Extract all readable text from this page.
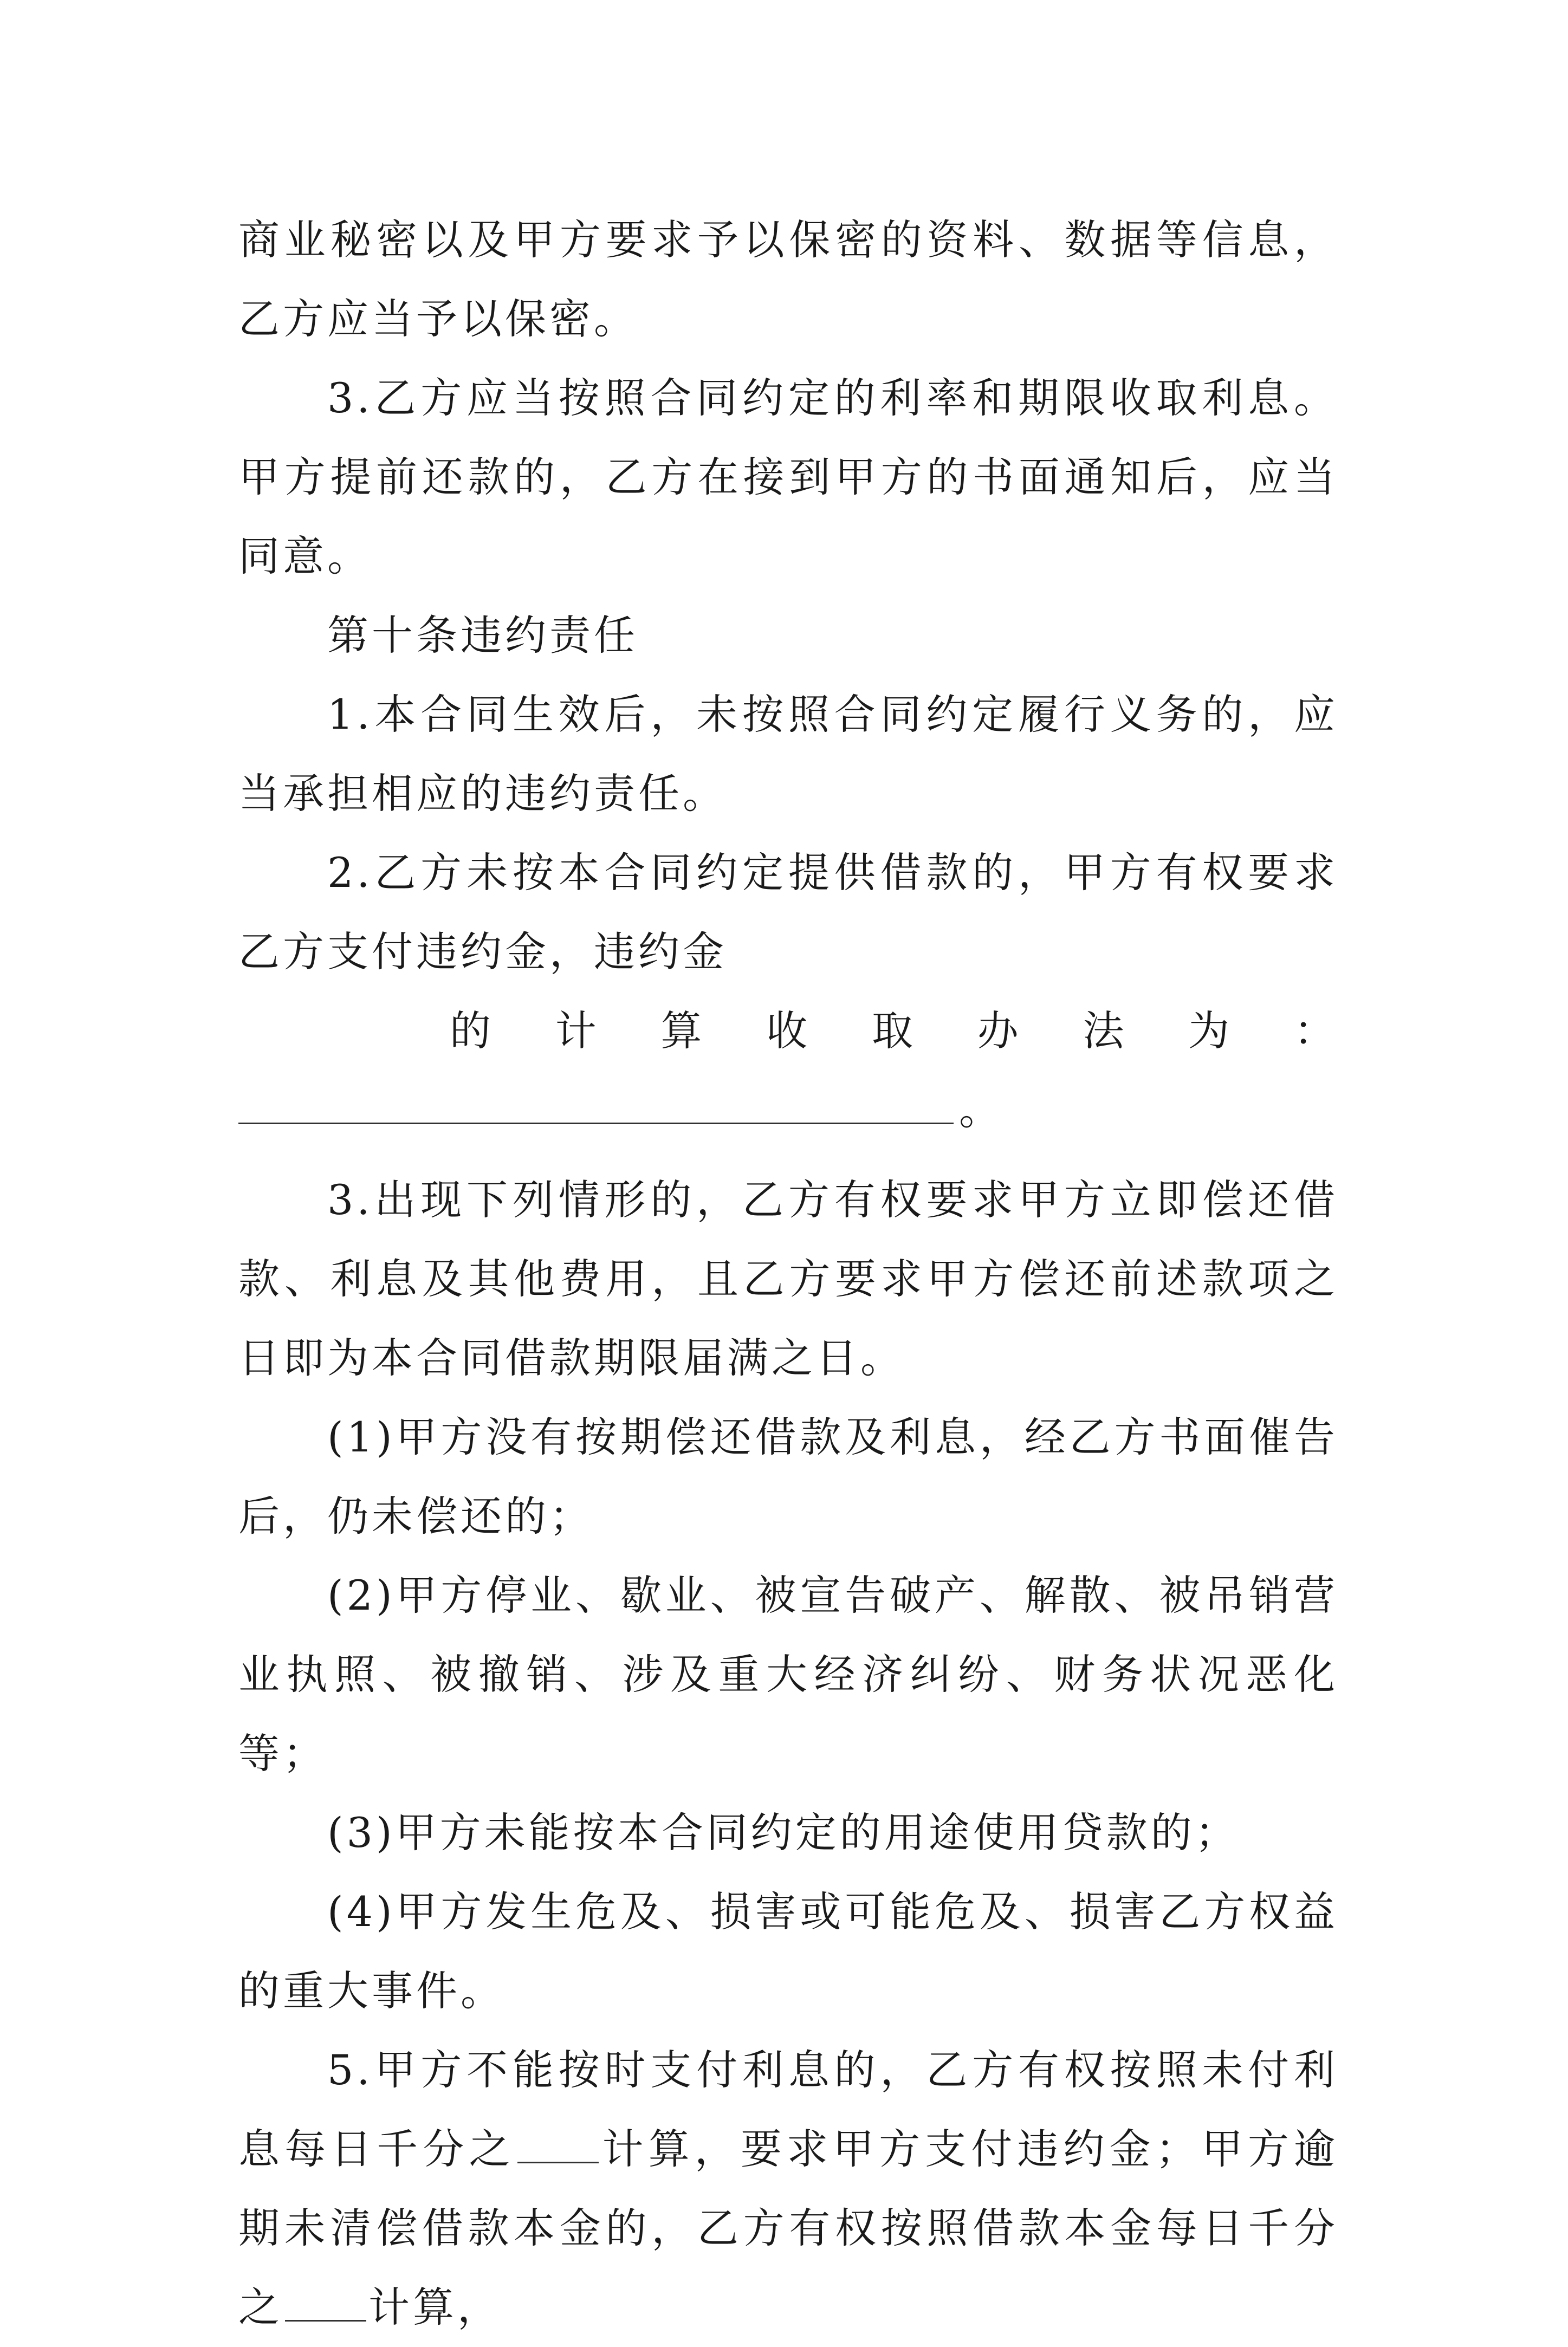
商业秘密以及甲方要求予以保密的资料、数据等信息，乙方应当予以保密。

3.乙方应当按照合同约定的利率和期限收取利息。甲方提前还款的，乙方在接到甲方的书面通知后，应当同意。

第十条违约责任

1.本合同生效后，未按照合同约定履行义务的，应当承担相应的违约责任。

2.乙方未按本合同约定提供借款的，甲方有权要求乙方支付违约金，违约金

的计算收取办法为：

。

3.出现下列情形的，乙方有权要求甲方立即偿还借款、利息及其他费用，且乙方要求甲方偿还前述款项之日即为本合同借款期限届满之日。

(1)甲方没有按期偿还借款及利息，经乙方书面催告后，仍未偿还的；

(2)甲方停业、歇业、被宣告破产、解散、被吊销营业执照、被撤销、涉及重大经济纠纷、财务状况恶化等；

(3)甲方未能按本合同约定的用途使用贷款的；

(4)甲方发生危及、损害或可能危及、损害乙方权益的重大事件。

5.甲方不能按时支付利息的，乙方有权按照未付利息每日千分之 计算，要求甲方支付违约金；甲方逾期未清偿借款本金的，乙方有权按照借款本金每日千分之 计算，
